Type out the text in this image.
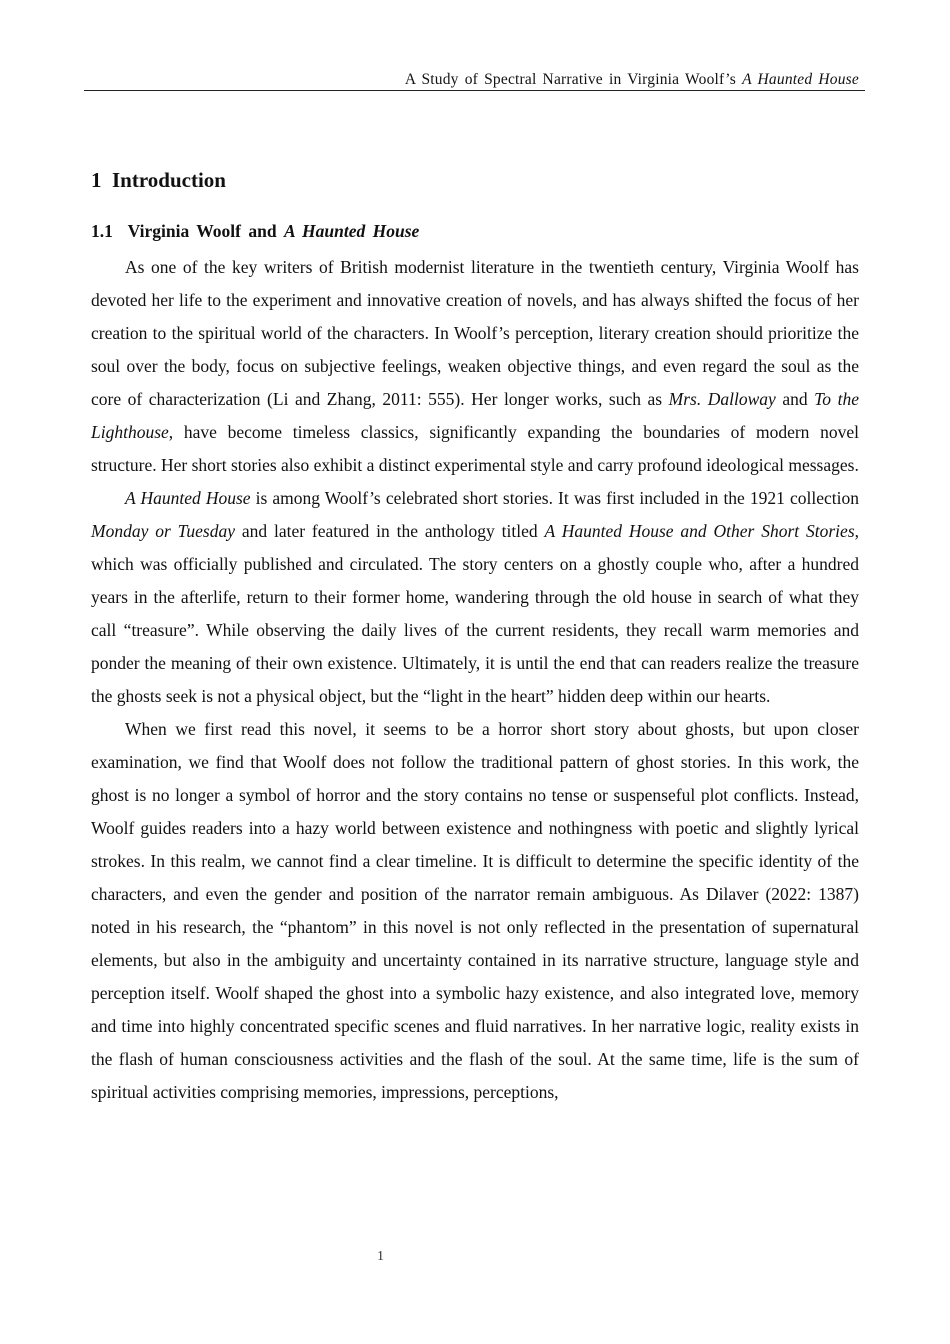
A Study of Spectral Narrative in Virginia Woolf’s A Haunted House
1 Introduction
1.1 Virginia Woolf and A Haunted House

As one of the key writers of British modernist literature in the twentieth century, Virginia Woolf has devoted her life to the experiment and innovative creation of novels, and has always shifted the focus of her creation to the spiritual world of the characters. In Woolf’s perception, literary creation should prioritize the soul over the body, focus on subjective feelings, weaken objective things, and even regard the soul as the core of characterization (Li and Zhang, 2011: 555). Her longer works, such as Mrs. Dalloway and To the Lighthouse, have become timeless classics, significantly expanding the boundaries of modern novel structure. Her short stories also exhibit a distinct experimental style and carry profound ideological messages.

A Haunted House is among Woolf’s celebrated short stories. It was first included in the 1921 collection Monday or Tuesday and later featured in the anthology titled A Haunted House and Other Short Stories, which was officially published and circulated. The story centers on a ghostly couple who, after a hundred years in the afterlife, return to their former home, wandering through the old house in search of what they call “treasure”. While observing the daily lives of the current residents, they recall warm memories and ponder the meaning of their own existence. Ultimately, it is until the end that can readers realize the treasure the ghosts seek is not a physical object, but the “light in the heart” hidden deep within our hearts.

When we first read this novel, it seems to be a horror short story about ghosts, but upon closer examination, we find that Woolf does not follow the traditional pattern of ghost stories. In this work, the ghost is no longer a symbol of horror and the story contains no tense or suspenseful plot conflicts. Instead, Woolf guides readers into a hazy world between existence and nothingness with poetic and slightly lyrical strokes. In this realm, we cannot find a clear timeline. It is difficult to determine the specific identity of the characters, and even the gender and position of the narrator remain ambiguous. As Dilaver (2022: 1387) noted in his research, the “phantom” in this novel is not only reflected in the presentation of supernatural elements, but also in the ambiguity and uncertainty contained in its narrative structure, language style and perception itself. Woolf shaped the ghost into a symbolic hazy existence, and also integrated love, memory and time into highly concentrated specific scenes and fluid narratives. In her narrative logic, reality exists in the flash of human consciousness activities and the flash of the soul. At the same time, life is the sum of spiritual activities comprising memories, impressions, perceptions,

1
